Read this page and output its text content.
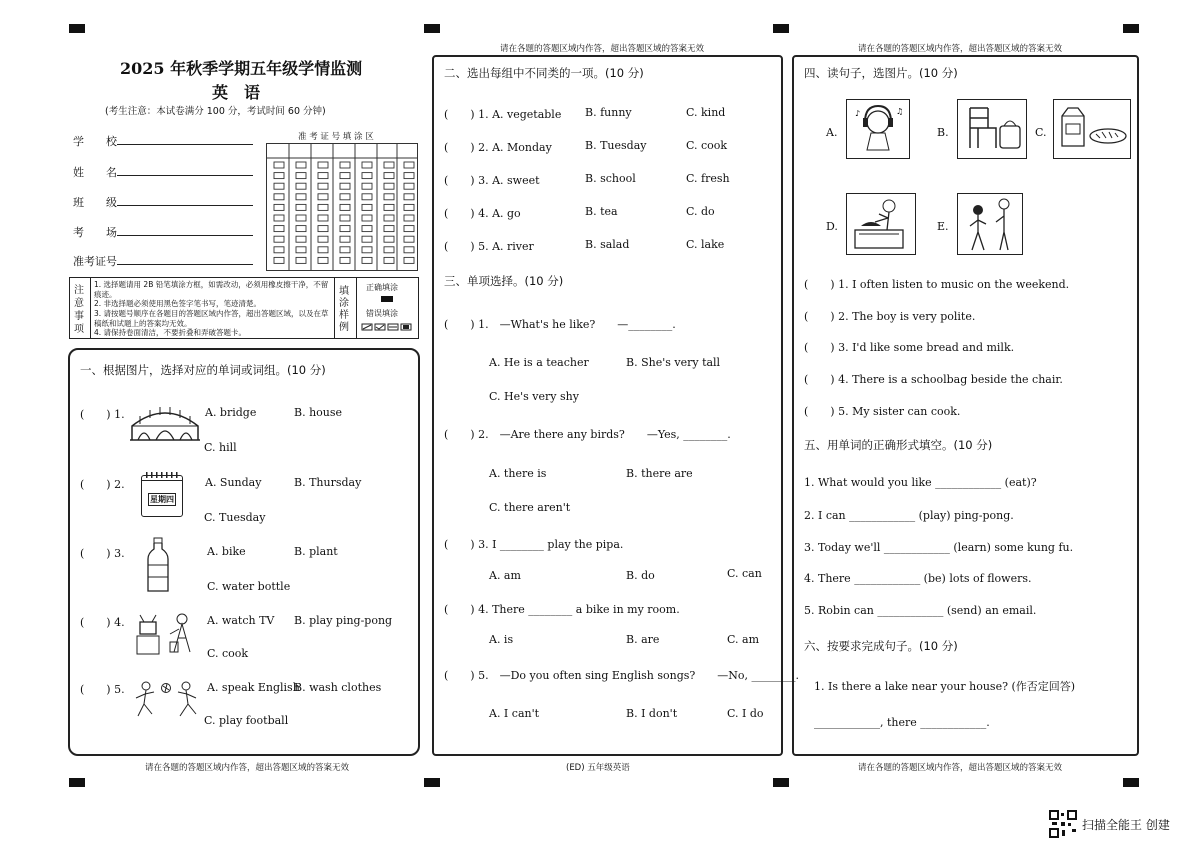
请在各题的答题区域内作答，超出答题区域的答案无效	请在各题的答题区域内作答，超出答题区域的答案无效
2025 年秋季学期五年级学情监测
英　语
(考生注意：本试卷满分 100 分，考试时间 60 分钟)
学　　校
姓　　名
班　　级
考　　场
准考证号
准 考 证 号 填 涂 区
注意事项
1. 选择题请用 2B 铅笔填涂方框，如需改动，必须用橡皮擦干净，不留痕迹。
2. 非选择题必须使用黑色签字笔书写，笔迹清楚。
3. 请按题号顺序在各题目的答题区域内作答，超出答题区域，以及在草稿纸和试题上的答案均无效。
4. 请保持卷面清洁，不要折叠和弄破答题卡。
填涂样例
正确填涂
错误填涂
一、根据图片，选择对应的单词或词组。(10 分)
(　　) 1.	A. bridge	B. house
C. hill
(　　) 2.
星期四
A. Sunday	B. Thursday
C. Tuesday
(　　) 3.	A. bike	B. plant
C. water bottle
(　　) 4.	A. watch TV B. play ping-pong
C. cook
(　　) 5.	A. speak English
B. wash clothes
C. play football
请在各题的答题区域内作答，超出答题区域的答案无效
二、选出每组中不同类的一项。(10 分)
(　　) 1. A. vegetable B. funny	C. kind
(　　) 2. A. Monday	B. Tuesday	C. cook
(　　) 3. A. sweet	B. school	C. fresh
(　　) 4. A. go	B. tea	C. do
(　　) 5. A. river	B. salad	C. lake
三、单项选择。(10 分)
(　　) 1.　—What's he like?　　—________.
A. He is a teacher	B. She's very tall
C. He's very shy
(　　) 2.　—Are there any birds?　　—Yes, ________.
A. there is	B. there are
C. there aren't
(　　) 3. I ________ play the pipa.
A. am	B. do	C. can
(　　) 4. There ________ a bike in my room.
A. is	B. are	C. am
(　　) 5.　—Do you often sing English songs?　　—No, ________.
A. I can't	B. I don't	C. I do
(ED) 五年级英语
四、读句子，选图片。(10 分)
A.
♪	♫
B.	C.
D.	E.
(　　) 1. I often listen to music on the weekend.
(　　) 2. The boy is very polite.
(　　) 3. I'd like some bread and milk.
(　　) 4. There is a schoolbag beside the chair.
(　　) 5. My sister can cook.
五、用单词的正确形式填空。(10 分)
1. What would you like ____________ (eat)?
2. I can ____________ (play) ping-pong.
3. Today we'll ____________ (learn) some kung fu.
4. There ____________ (be) lots of flowers.
5. Robin can ____________ (send) an email.
六、按要求完成句子。(10 分)
1. Is there a lake near your house? (作否定回答)
____________, there ____________.
请在各题的答题区域内作答，超出答题区域的答案无效
扫描全能王 创建
